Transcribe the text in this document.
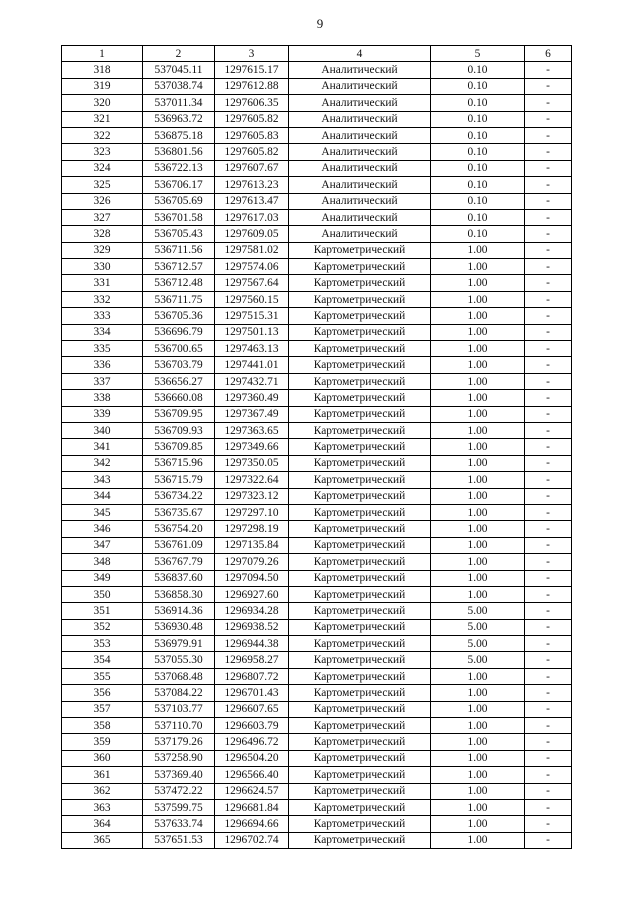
9
1	2	3	4	5	6
318	537045.11	1297615.17	Аналитический	0.10	-
319	537038.74	1297612.88	Аналитический	0.10	-
320	537011.34	1297606.35	Аналитический	0.10	-
321	536963.72	1297605.82	Аналитический	0.10	-
322	536875.18	1297605.83	Аналитический	0.10	-
323	536801.56	1297605.82	Аналитический	0.10	-
324	536722.13	1297607.67	Аналитический	0.10	-
325	536706.17	1297613.23	Аналитический	0.10	-
326	536705.69	1297613.47	Аналитический	0.10	-
327	536701.58	1297617.03	Аналитический	0.10	-
328	536705.43	1297609.05	Аналитический	0.10	-
329	536711.56	1297581.02	Картометрический	1.00	-
330	536712.57	1297574.06	Картометрический	1.00	-
331	536712.48	1297567.64	Картометрический	1.00	-
332	536711.75	1297560.15	Картометрический	1.00	-
333	536705.36	1297515.31	Картометрический	1.00	-
334	536696.79	1297501.13	Картометрический	1.00	-
335	536700.65	1297463.13	Картометрический	1.00	-
336	536703.79	1297441.01	Картометрический	1.00	-
337	536656.27	1297432.71	Картометрический	1.00	-
338	536660.08	1297360.49	Картометрический	1.00	-
339	536709.95	1297367.49	Картометрический	1.00	-
340	536709.93	1297363.65	Картометрический	1.00	-
341	536709.85	1297349.66	Картометрический	1.00	-
342	536715.96	1297350.05	Картометрический	1.00	-
343	536715.79	1297322.64	Картометрический	1.00	-
344	536734.22	1297323.12	Картометрический	1.00	-
345	536735.67	1297297.10	Картометрический	1.00	-
346	536754.20	1297298.19	Картометрический	1.00	-
347	536761.09	1297135.84	Картометрический	1.00	-
348	536767.79	1297079.26	Картометрический	1.00	-
349	536837.60	1297094.50	Картометрический	1.00	-
350	536858.30	1296927.60	Картометрический	1.00	-
351	536914.36	1296934.28	Картометрический	5.00	-
352	536930.48	1296938.52	Картометрический	5.00	-
353	536979.91	1296944.38	Картометрический	5.00	-
354	537055.30	1296958.27	Картометрический	5.00	-
355	537068.48	1296807.72	Картометрический	1.00	-
356	537084.22	1296701.43	Картометрический	1.00	-
357	537103.77	1296607.65	Картометрический	1.00	-
358	537110.70	1296603.79	Картометрический	1.00	-
359	537179.26	1296496.72	Картометрический	1.00	-
360	537258.90	1296504.20	Картометрический	1.00	-
361	537369.40	1296566.40	Картометрический	1.00	-
362	537472.22	1296624.57	Картометрический	1.00	-
363	537599.75	1296681.84	Картометрический	1.00	-
364	537633.74	1296694.66	Картометрический	1.00	-
365	537651.53	1296702.74	Картометрический	1.00	-
